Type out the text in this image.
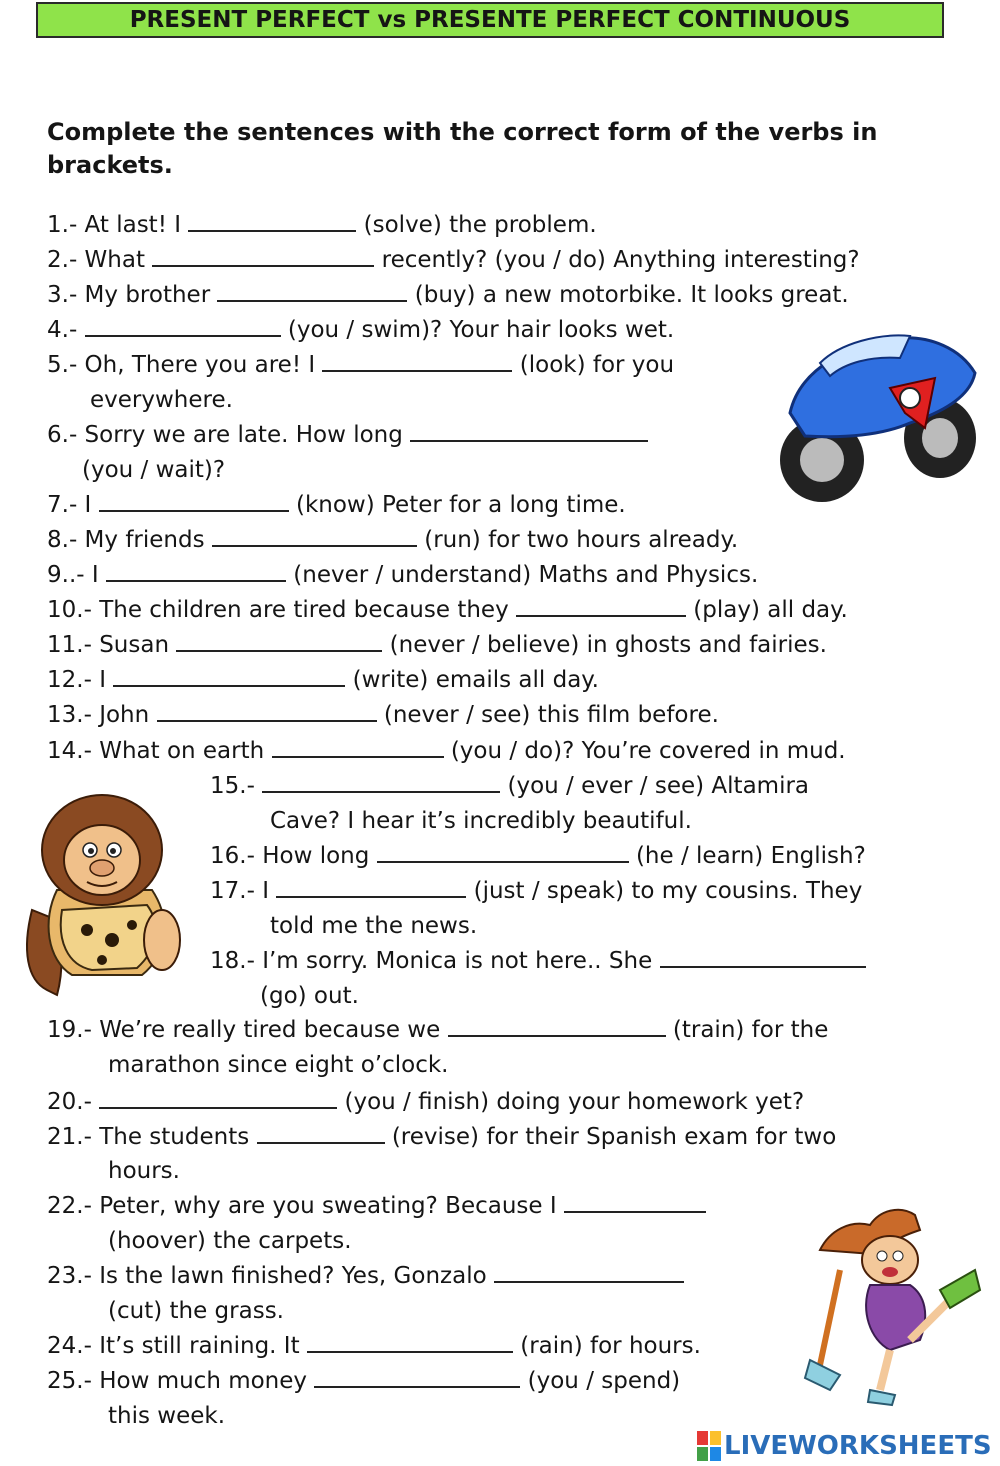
PRESENT PERFECT vs PRESENTE PERFECT CONTINUOUS
Complete the sentences with the correct form of the verbs in brackets.
1.- At last! I	(solve) the problem.
2.- What	recently? (you / do) Anything interesting?
3.- My brother	(buy) a new motorbike. It looks great.
4.-	(you / swim)? Your hair looks wet.
5.- Oh, There you are! I	(look) for you
everywhere.
6.- Sorry we are late. How long
(you / wait)?
7.- I	(know) Peter for a long time.
8.- My friends	(run) for two hours already.
9..- I	(never / understand) Maths and Physics.
10.- The children are tired because they	(play) all day.
11.- Susan	(never / believe) in ghosts and fairies.
12.- I	(write) emails all day.
13.- John	(never / see) this film before.
14.- What on earth	(you / do)? You’re covered in mud.
15.-	(you / ever / see) Altamira
Cave? I hear it’s incredibly beautiful.
16.- How long	(he / learn) English?
17.- I	(just / speak) to my cousins. They
told me the news.
18.- I’m sorry. Monica is not here.. She
(go) out.
19.- We’re really tired because we	(train) for the
marathon since eight o’clock.
20.-	(you / finish) doing your homework yet?
21.- The students	(revise) for their Spanish exam for two
hours.
22.- Peter, why are you sweating? Because I
(hoover) the carpets.
23.- Is the lawn finished? Yes, Gonzalo
(cut) the grass.
24.- It’s still raining. It	(rain) for hours.
25.- How much money	(you / spend)
this week.
LIVEWORKSHEETS
